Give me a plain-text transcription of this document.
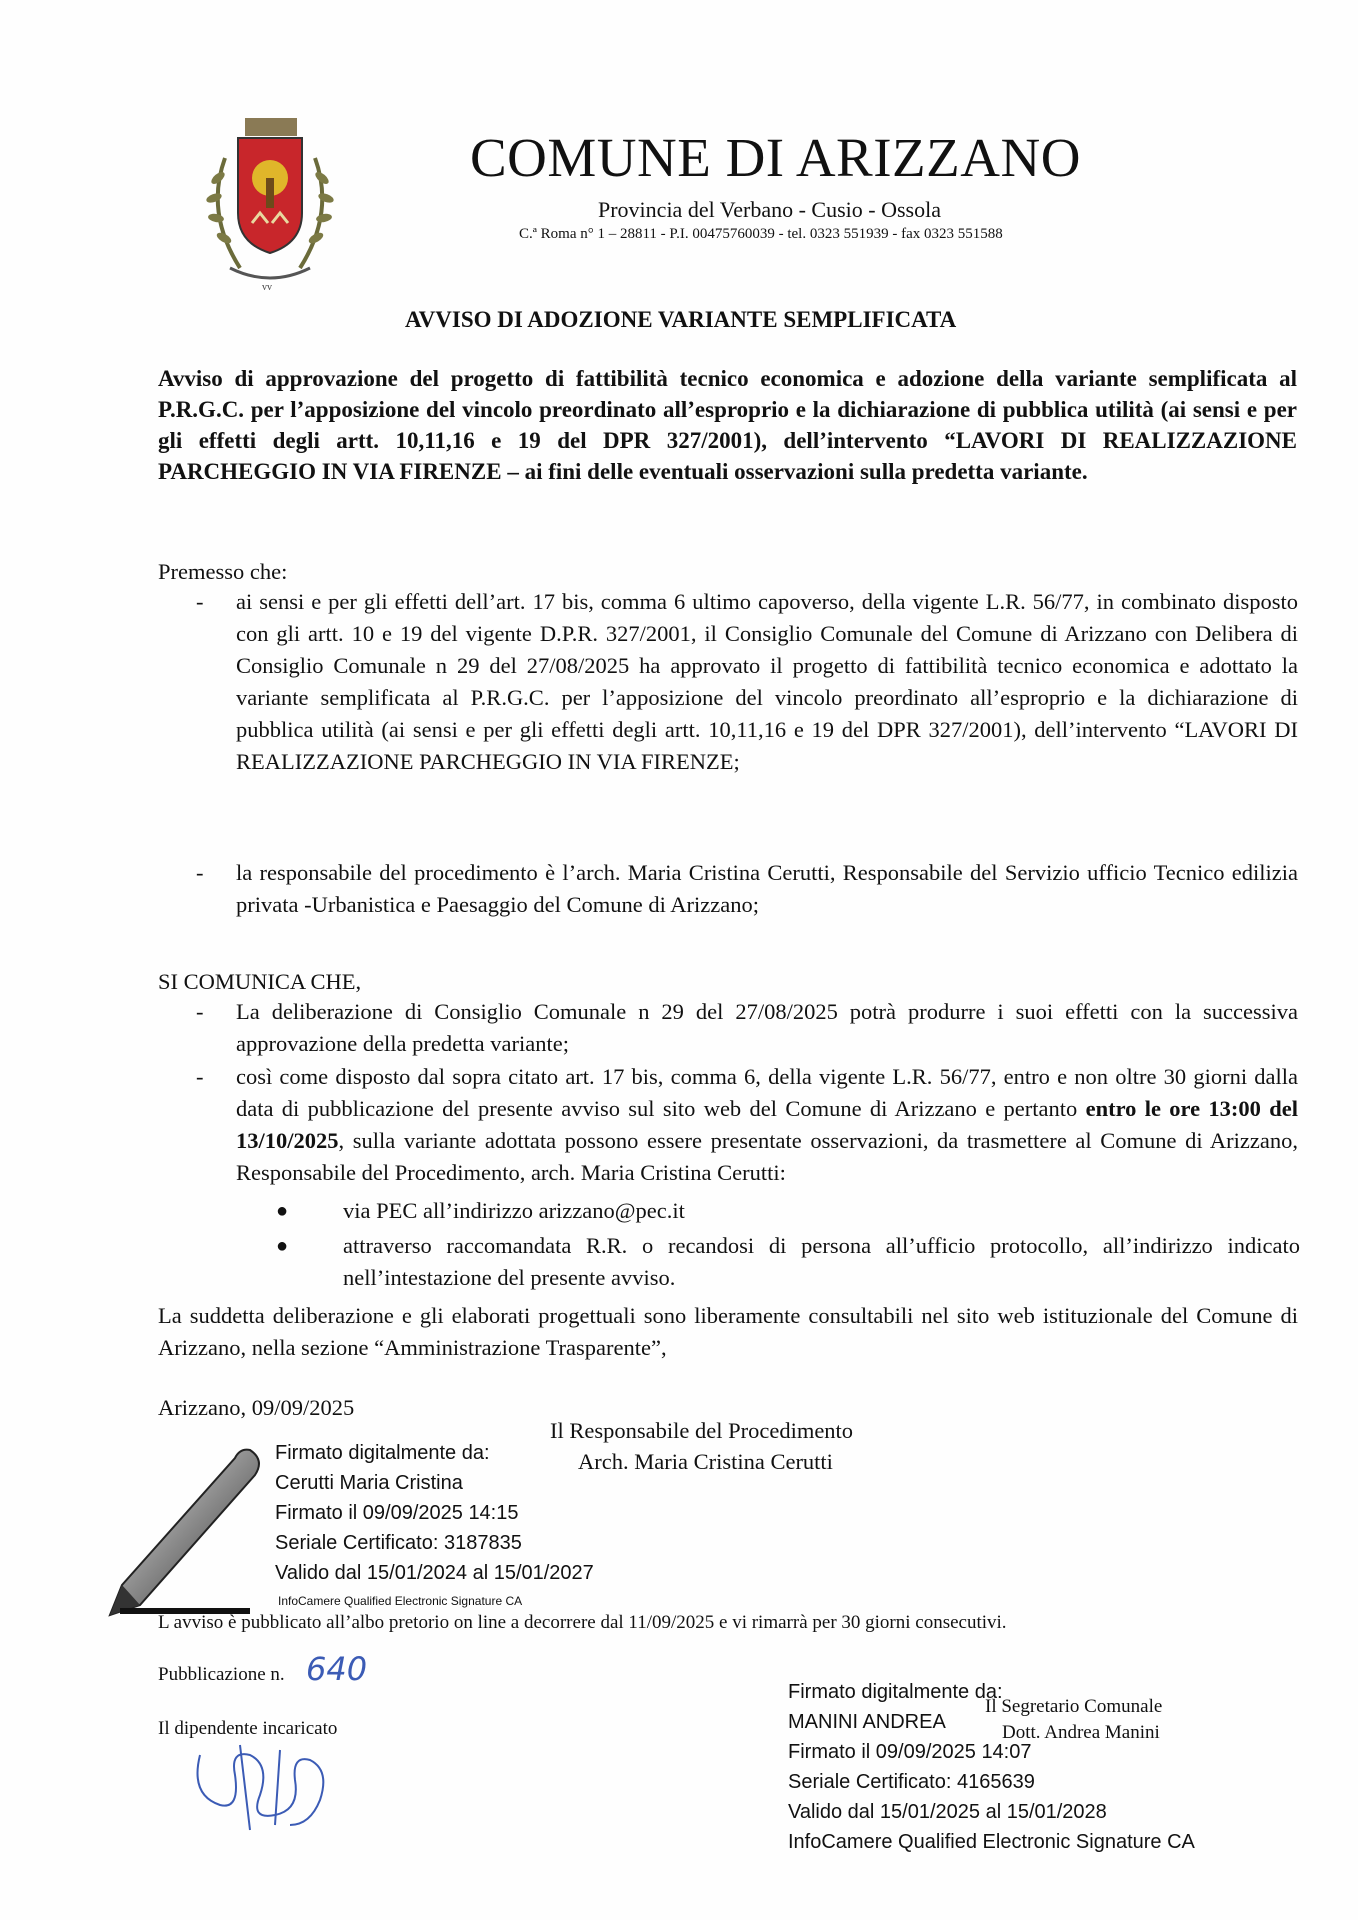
vv
COMUNE DI ARIZZANO
Provincia del Verbano - Cusio - Ossola
C.ª Roma n° 1 – 28811 - P.I. 00475760039 - tel. 0323 551939 - fax 0323 551588
AVVISO DI ADOZIONE VARIANTE SEMPLIFICATA
Avviso di approvazione del progetto di fattibilità tecnico economica e adozione della variante semplificata al P.R.G.C. per l’apposizione del vincolo preordinato all’esproprio e la dichiarazione di pubblica utilità (ai sensi e per gli effetti degli artt. 10,11,16 e 19 del DPR 327/2001), dell’intervento “LAVORI DI REALIZZAZIONE PARCHEGGIO IN VIA FIRENZE – ai fini delle eventuali osservazioni sulla predetta variante.
Premesso che:
- ai sensi e per gli effetti dell’art. 17 bis, comma 6 ultimo capoverso, della vigente L.R. 56/77, in combinato disposto con gli artt. 10 e 19 del vigente D.P.R. 327/2001, il Consiglio Comunale del Comune di Arizzano con Delibera di Consiglio Comunale n 29 del 27/08/2025 ha approvato il progetto di fattibilità tecnico economica e adottato la variante semplificata al P.R.G.C. per l’apposizione del vincolo preordinato all’esproprio e la dichiarazione di pubblica utilità (ai sensi e per gli effetti degli artt. 10,11,16 e 19 del DPR 327/2001), dell’intervento “LAVORI DI REALIZZAZIONE PARCHEGGIO IN VIA FIRENZE;
- la responsabile del procedimento è l’arch. Maria Cristina Cerutti, Responsabile del Servizio ufficio Tecnico edilizia privata -Urbanistica e Paesaggio del Comune di Arizzano;
SI COMUNICA CHE,
- La deliberazione di Consiglio Comunale n 29 del 27/08/2025 potrà produrre i suoi effetti con la successiva approvazione della predetta variante;
- così come disposto dal sopra citato art. 17 bis, comma 6, della vigente L.R. 56/77, entro e non oltre 30 giorni dalla data di pubblicazione del presente avviso sul sito web del Comune di Arizzano e pertanto entro le ore 13:00 del 13/10/2025, sulla variante adottata possono essere presentate osservazioni, da trasmettere al Comune di Arizzano, Responsabile del Procedimento, arch. Maria Cristina Cerutti:
● via PEC all’indirizzo arizzano@pec.it
● attraverso raccomandata R.R. o recandosi di persona all’ufficio protocollo, all’indirizzo indicato nell’intestazione del presente avviso.
La suddetta deliberazione e gli elaborati progettuali sono liberamente consultabili nel sito web istituzionale del Comune di Arizzano, nella sezione “Amministrazione Trasparente”,
Arizzano, 09/09/2025
Il Responsabile del Procedimento
Arch. Maria Cristina Cerutti
Firmato digitalmente da:
Cerutti Maria Cristina
Firmato il 09/09/2025 14:15
Seriale Certificato: 3187835
Valido dal 15/01/2024 al 15/01/2027
InfoCamere Qualified Electronic Signature CA
L avviso è pubblicato all’albo pretorio on line a decorrere dal 11/09/2025 e vi rimarrà per 30 giorni consecutivi.
Pubblicazione n. 640
Il dipendente incaricato
Firmato digitalmente da:
MANINI ANDREA
Firmato il 09/09/2025 14:07
Seriale Certificato: 4165639
Valido dal 15/01/2025 al 15/01/2028
InfoCamere Qualified Electronic Signature CA
Il Segretario Comunale
Dott. Andrea Manini
